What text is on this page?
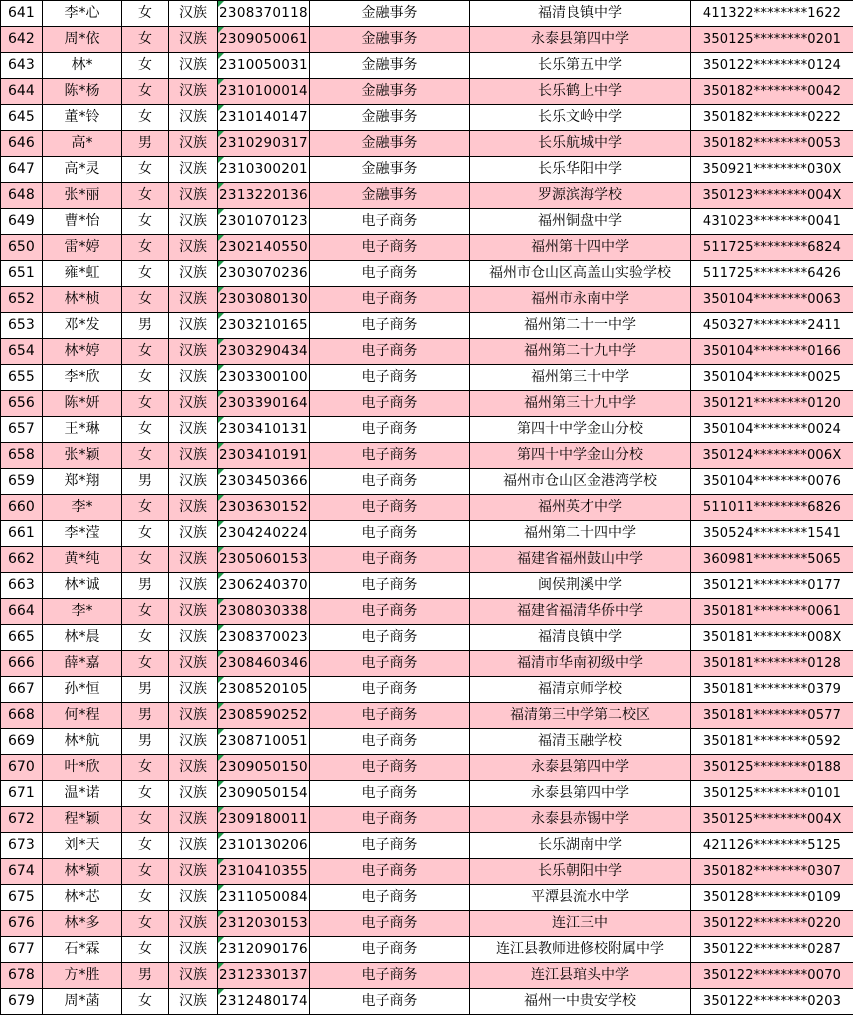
641	李*心	女	汉族	2308370118	金融事务	福清良镇中学	411322********1622
642	周*依	女	汉族	2309050061	金融事务	永泰县第四中学	350125********0201
643	林*	女	汉族	2310050031	金融事务	长乐第五中学	350122********0124
644	陈*杨	女	汉族	2310100014	金融事务	长乐鹤上中学	350182********0042
645	董*铃	女	汉族	2310140147	金融事务	长乐文岭中学	350182********0222
646	高*	男	汉族	2310290317	金融事务	长乐航城中学	350182********0053
647	高*灵	女	汉族	2310300201	金融事务	长乐华阳中学	350921********030X
648	张*丽	女	汉族	2313220136	金融事务	罗源滨海学校	350123********004X
649	曹*怡	女	汉族	2301070123	电子商务	福州铜盘中学	431023********0041
650	雷*婷	女	汉族	2302140550	电子商务	福州第十四中学	511725********6824
651	雍*虹	女	汉族	2303070236	电子商务	福州市仓山区高盖山实验学校	511725********6426
652	林*桢	女	汉族	2303080130	电子商务	福州市永南中学	350104********0063
653	邓*发	男	汉族	2303210165	电子商务	福州第二十一中学	450327********2411
654	林*婷	女	汉族	2303290434	电子商务	福州第二十九中学	350104********0166
655	李*欣	女	汉族	2303300100	电子商务	福州第三十中学	350104********0025
656	陈*妍	女	汉族	2303390164	电子商务	福州第三十九中学	350121********0120
657	王*琳	女	汉族	2303410131	电子商务	第四十中学金山分校	350104********0024
658	张*颖	女	汉族	2303410191	电子商务	第四十中学金山分校	350124********006X
659	郑*翔	男	汉族	2303450366	电子商务	福州市仓山区金港湾学校	350104********0076
660	李*	女	汉族	2303630152	电子商务	福州英才中学	511011********6826
661	李*滢	女	汉族	2304240224	电子商务	福州第二十四中学	350524********1541
662	黄*纯	女	汉族	2305060153	电子商务	福建省福州鼓山中学	360981********5065
663	林*诚	男	汉族	2306240370	电子商务	闽侯荆溪中学	350121********0177
664	李*	女	汉族	2308030338	电子商务	福建省福清华侨中学	350181********0061
665	林*晨	女	汉族	2308370023	电子商务	福清良镇中学	350181********008X
666	薛*嘉	女	汉族	2308460346	电子商务	福清市华南初级中学	350181********0128
667	孙*恒	男	汉族	2308520105	电子商务	福清京师学校	350181********0379
668	何*程	男	汉族	2308590252	电子商务	福清第三中学第二校区	350181********0577
669	林*航	男	汉族	2308710051	电子商务	福清玉融学校	350181********0592
670	叶*欣	女	汉族	2309050150	电子商务	永泰县第四中学	350125********0188
671	温*诺	女	汉族	2309050154	电子商务	永泰县第四中学	350125********0101
672	程*颖	女	汉族	2309180011	电子商务	永泰县赤锡中学	350125********004X
673	刘*天	女	汉族	2310130206	电子商务	长乐湖南中学	421126********5125
674	林*颖	女	汉族	2310410355	电子商务	长乐朝阳中学	350182********0307
675	林*芯	女	汉族	2311050084	电子商务	平潭县流水中学	350128********0109
676	林*多	女	汉族	2312030153	电子商务	连江三中	350122********0220
677	石*霖	女	汉族	2312090176	电子商务	连江县教师进修校附属中学	350122********0287
678	方*胜	男	汉族	2312330137	电子商务	连江县琯头中学	350122********0070
679	周*菡	女	汉族	2312480174	电子商务	福州一中贵安学校	350122********0203
